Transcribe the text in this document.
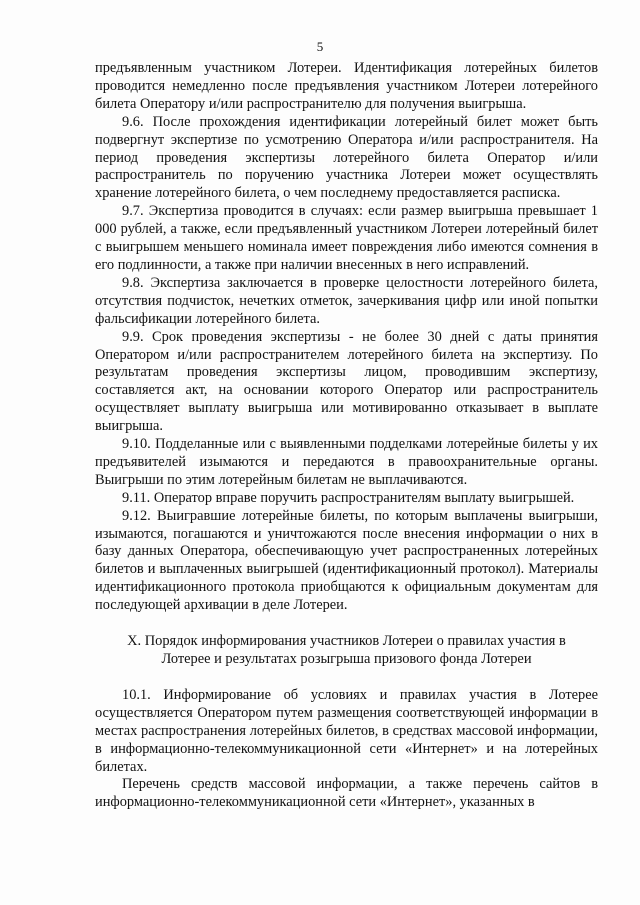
5

предъявленным участником Лотереи. Идентификация лотерейных билетов проводится немедленно после предъявления участником Лотереи лотерейного билета Оператору и/или распространителю для получения выигрыша.

9.6. После прохождения идентификации лотерейный билет может быть подвергнут экспертизе по усмотрению Оператора и/или распространителя. На период проведения экспертизы лотерейного билета Оператор и/или распространитель по поручению участника Лотереи может осуществлять хранение лотерейного билета, о чем последнему предоставляется расписка.

9.7. Экспертиза проводится в случаях: если размер выигрыша превышает 1 000 рублей, а также, если предъявленный участником Лотереи лотерейный билет с выигрышем меньшего номинала имеет повреждения либо имеются сомнения в его подлинности, а также при наличии внесенных в него исправлений.

9.8. Экспертиза заключается в проверке целостности лотерейного билета, отсутствия подчисток, нечетких отметок, зачеркивания цифр или иной попытки фальсификации лотерейного билета.

9.9. Срок проведения экспертизы - не более 30 дней с даты принятия Оператором и/или распространителем лотерейного билета на экспертизу. По результатам проведения экспертизы лицом, проводившим экспертизу, составляется акт, на основании которого Оператор или распространитель осуществляет выплату выигрыша или мотивированно отказывает в выплате выигрыша.

9.10. Подделанные или с выявленными подделками лотерейные билеты у их предъявителей изымаются и передаются в правоохранительные органы. Выигрыши по этим лотерейным билетам не выплачиваются.

9.11. Оператор вправе поручить распространителям выплату выигрышей.

9.12. Выигравшие лотерейные билеты, по которым выплачены выигрыши, изымаются, погашаются и уничтожаются после внесения информации о них в базу данных Оператора, обеспечивающую учет распространенных лотерейных билетов и выплаченных выигрышей (идентификационный протокол). Материалы идентификационного протокола приобщаются к официальным документам для последующей архивации в деле Лотереи.

X. Порядок информирования участников Лотереи о правилах участия в
Лотерее и результатах розыгрыша призового фонда Лотереи

10.1. Информирование об условиях и правилах участия в Лотерее осуществляется Оператором путем размещения соответствующей информации в местах распространения лотерейных билетов, в средствах массовой информации, в информационно-телекоммуникационной сети «Интернет» и на лотерейных билетах.

Перечень средств массовой информации, а также перечень сайтов в информационно-телекоммуникационной сети «Интернет», указанных в
